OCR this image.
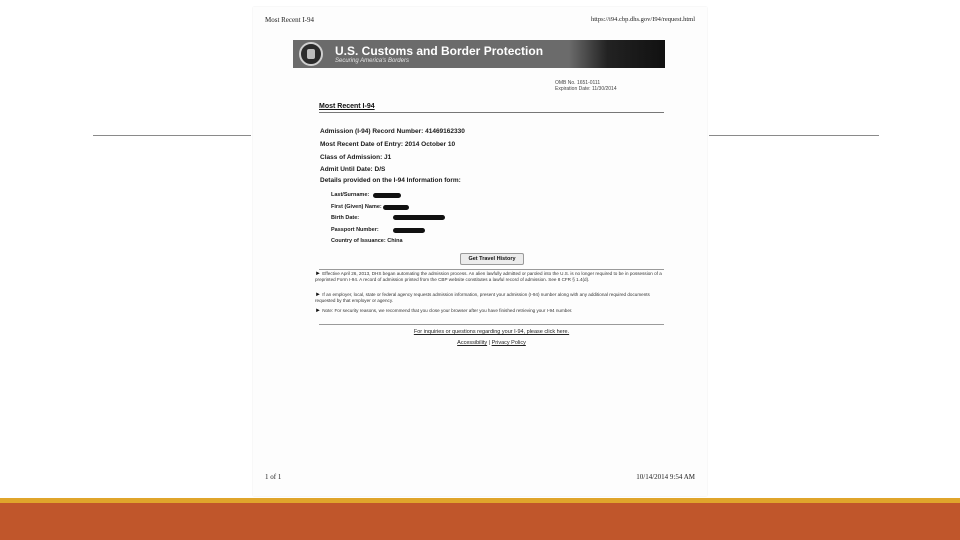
Most Recent I-94	https://i94.cbp.dhs.gov/I94/request.html
U.S. Customs and Border Protection
Securing America's Borders
OMB No. 1651-0111
Expiration Date: 11/30/2014
Most Recent I-94
Admission (I-94) Record Number: 41469162330
Most Recent Date of Entry: 2014 October 10
Class of Admission: J1
Admit Until Date: D/S
Details provided on the I-94 Information form:
Last/Surname:
First (Given) Name:
Birth Date:
Passport Number:
Country of Issuance: China
Get Travel History
► Effective April 26, 2013, DHS began automating the admission process. An alien lawfully admitted or paroled into the U.S. is no longer required to be in possession of a preprinted Form I-94. A record of admission printed from the CBP website constitutes a lawful record of admission. See 8 CFR § 1.4(d).
► If an employer, local, state or federal agency requests admission information, present your admission (I-94) number along with any additional required documents requested by that employer or agency.
► Note: For security reasons, we recommend that you close your browser after you have finished retrieving your I-94 number.
For inquiries or questions regarding your I-94, please click here.
Accessibility | Privacy Policy
1 of 1	10/14/2014 9:54 AM
